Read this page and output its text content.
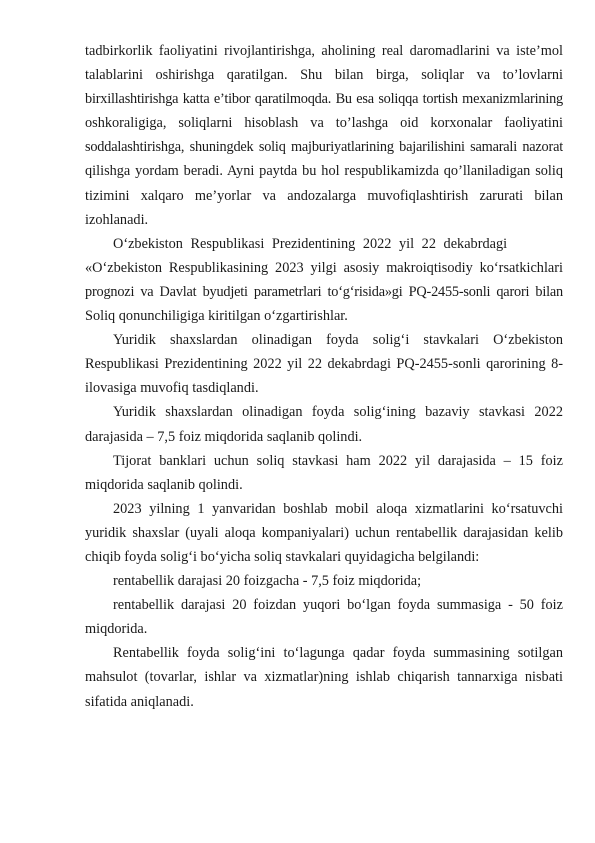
tadbirkorlik faoliyatini rivojlantirishga, aholining real daromadlarini va iste’mol
talablarini oshirishga qaratilgan. Shu bilan birga, soliqlar va to’lovlarni
birxillashtirishga katta e’tibor qaratilmoqda. Bu esa soliqqa tortish mexanizmlarining
oshkoraligiga, soliqlarni hisoblash va to’lashga oid korxonalar faoliyatini
soddalashtirishga, shuningdek soliq majburiyatlarining bajarilishini samarali nazorat
qilishga yordam beradi. Ayni paytda bu hol respublikamizda qo’llaniladigan soliq
tizimini xalqaro me’yorlar va andozalarga muvofiqlashtirish zarurati bilan
izohlanadi.
O‘zbekiston Respublikasi Prezidentining 2022 yil 22 dekabrdagi
«O‘zbekiston Respublikasining 2023 yilgi asosiy makroiqtisodiy ko‘rsatkichlari
prognozi va Davlat byudjeti parametrlari to‘g‘risida»gi PQ-2455-sonli qarori bilan
Soliq qonunchiligiga kiritilgan o‘zgartirishlar.
Yuridik shaxslardan olinadigan foyda solig‘i stavkalari O‘zbekiston
Respublikasi Prezidentining 2022 yil 22 dekabrdagi PQ-2455-sonli qarorining 8-
ilovasiga muvofiq tasdiqlandi.
Yuridik shaxslardan olinadigan foyda solig‘ining bazaviy stavkasi 2022
darajasida – 7,5 foiz miqdorida saqlanib qolindi.
Tijorat banklari uchun soliq stavkasi ham 2022 yil darajasida – 15 foiz
miqdorida saqlanib qolindi.
2023 yilning 1 yanvaridan boshlab mobil aloqa xizmatlarini ko‘rsatuvchi
yuridik shaxslar (uyali aloqa kompaniyalari) uchun rentabellik darajasidan kelib
chiqib foyda solig‘i bo‘yicha soliq stavkalari quyidagicha belgilandi:
rentabellik darajasi 20 foizgacha - 7,5 foiz miqdorida;
rentabellik darajasi 20 foizdan yuqori bo‘lgan foyda summasiga - 50 foiz
miqdorida.
Rentabellik foyda solig‘ini to‘lagunga qadar foyda summasining sotilgan
mahsulot (tovarlar, ishlar va xizmatlar)ning ishlab chiqarish tannarxiga nisbati
sifatida aniqlanadi.
